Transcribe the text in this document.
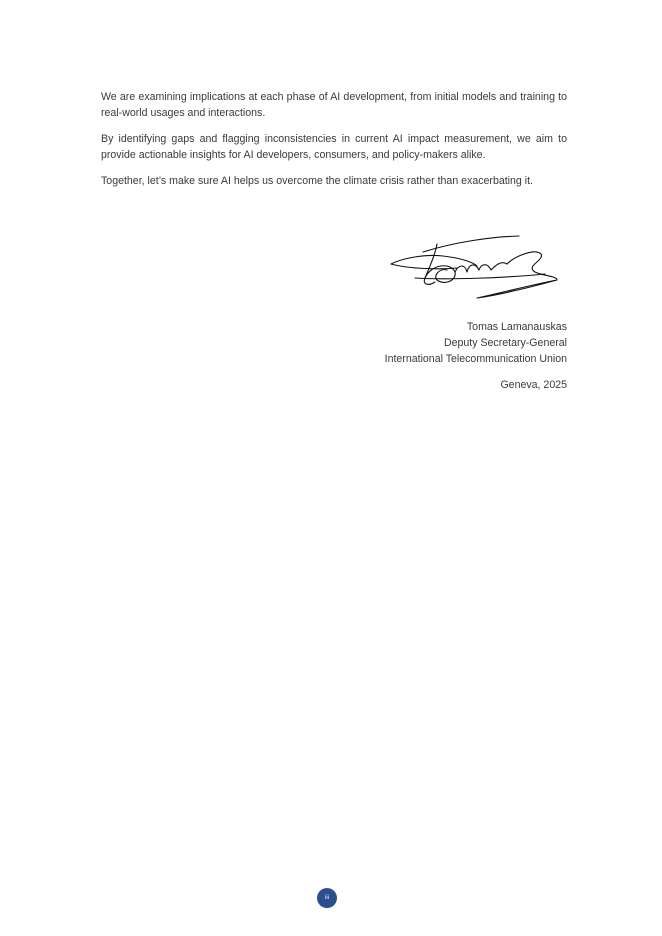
We are examining implications at each phase of AI development, from initial models and training to real-world usages and interactions.

By identifying gaps and flagging inconsistencies in current AI impact measurement, we aim to provide actionable insights for AI developers, consumers, and policy-makers alike.

Together, let’s make sure AI helps us overcome the climate crisis rather than exacerbating it.

Tomas Lamanauskas
Deputy Secretary-General
International Telecommunication Union
Geneva, 2025
iii
